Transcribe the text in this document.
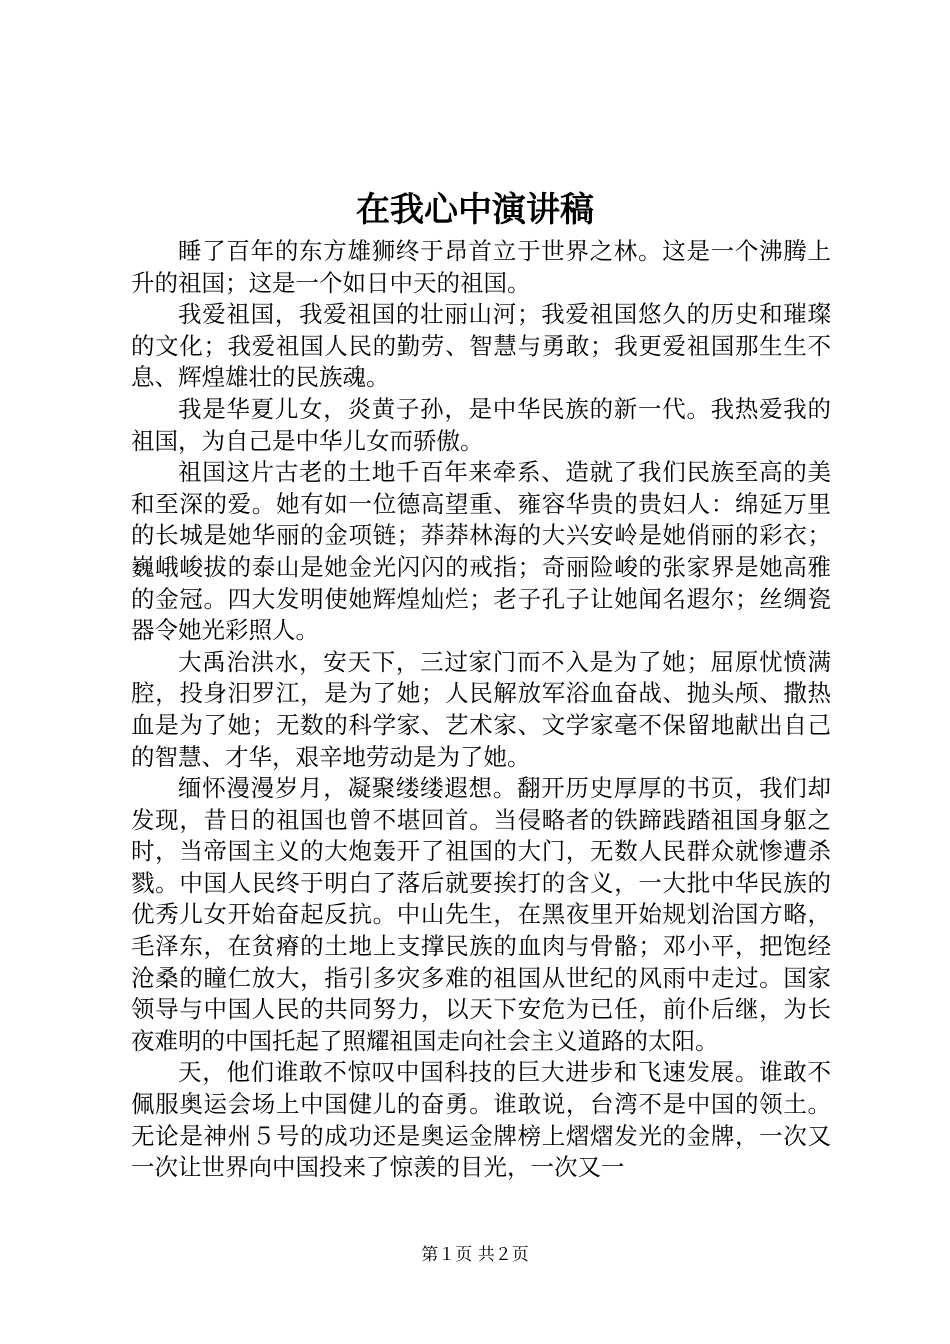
在我心中演讲稿

睡了百年的东方雄狮终于昂首立于世界之林。这是一个沸腾上升的祖国；这是一个如日中天的祖国。

我爱祖国，我爱祖国的壮丽山河；我爱祖国悠久的历史和璀璨的文化；我爱祖国人民的勤劳、智慧与勇敢；我更爱祖国那生生不息、辉煌雄壮的民族魂。

我是华夏儿女，炎黄子孙，是中华民族的新一代。我热爱我的祖国，为自己是中华儿女而骄傲。

祖国这片古老的土地千百年来牵系、造就了我们民族至高的美和至深的爱。她有如一位德高望重、雍容华贵的贵妇人：绵延万里的长城是她华丽的金项链；莽莽林海的大兴安岭是她俏丽的彩衣；巍峨峻拔的泰山是她金光闪闪的戒指；奇丽险峻的张家界是她高雅的金冠。四大发明使她辉煌灿烂；老子孔子让她闻名遐尔；丝绸瓷器令她光彩照人。

大禹治洪水，安天下，三过家门而不入是为了她；屈原忧愤满腔，投身汨罗江，是为了她；人民解放军浴血奋战、抛头颅、撒热血是为了她；无数的科学家、艺术家、文学家毫不保留地献出自己的智慧、才华，艰辛地劳动是为了她。

缅怀漫漫岁月，凝聚缕缕遐想。翻开历史厚厚的书页，我们却发现，昔日的祖国也曾不堪回首。当侵略者的铁蹄践踏祖国身躯之时，当帝国主义的大炮轰开了祖国的大门，无数人民群众就惨遭杀戮。中国人民终于明白了落后就要挨打的含义，一大批中华民族的优秀儿女开始奋起反抗。中山先生，在黑夜里开始规划治国方略，毛泽东，在贫瘠的土地上支撑民族的血肉与骨骼；邓小平，把饱经沧桑的瞳仁放大，指引多灾多难的祖国从世纪的风雨中走过。国家领导与中国人民的共同努力，以天下安危为已任，前仆后继，为长夜难明的中国托起了照耀祖国走向社会主义道路的太阳。

天，他们谁敢不惊叹中国科技的巨大进步和飞速发展。谁敢不佩服奥运会场上中国健儿的奋勇。谁敢说，台湾不是中国的领土。无论是神州５号的成功还是奥运金牌榜上熠熠发光的金牌，一次又一次让世界向中国投来了惊羡的目光，一次又一

第１页 共２页
